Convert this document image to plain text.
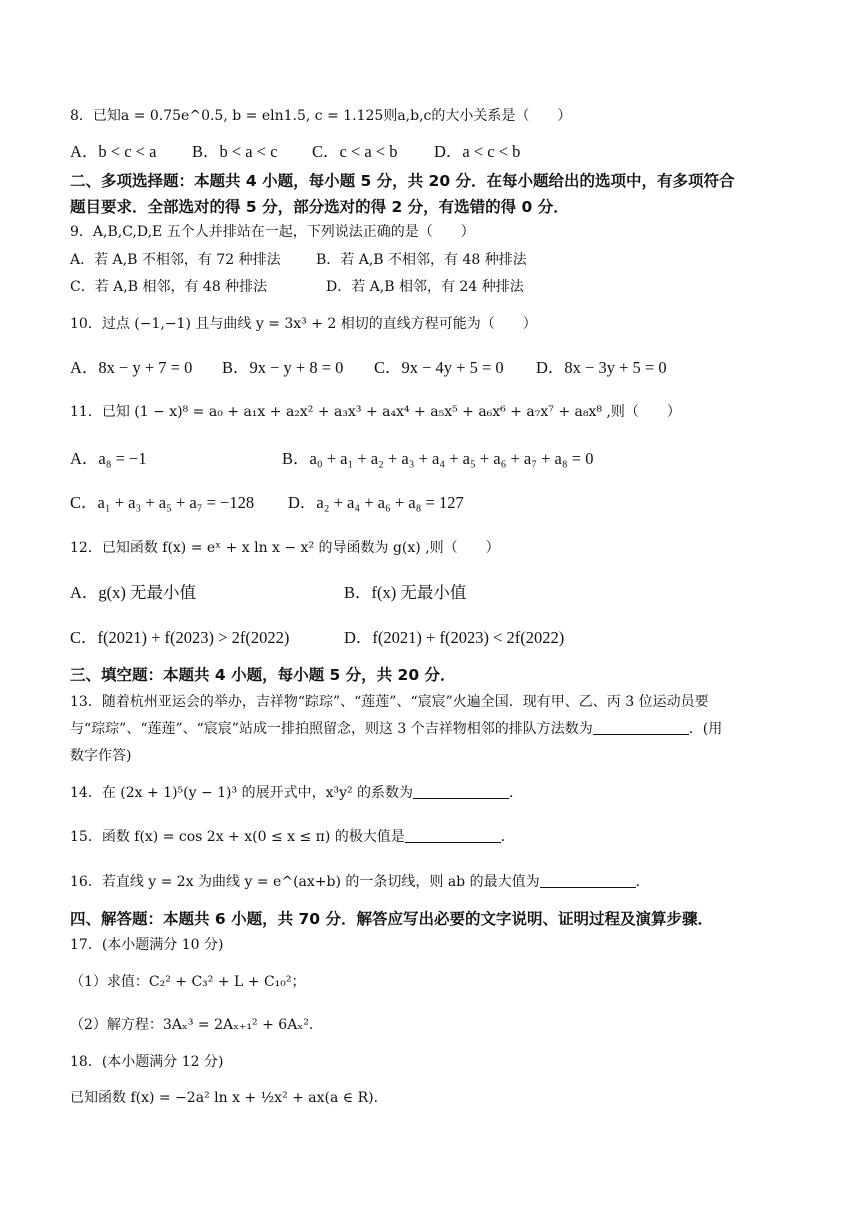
8．已知a = 0.75e^0.5, b = eln1.5, c = 1.125则a,b,c的大小关系是（　　）
A．b < c < a B．b < a < c C．c < a < b D．a < c < b
二、多项选择题：本题共 4 小题，每小题 5 分，共 20 分．在每小题给出的选项中，有多项符合
题目要求．全部选对的得 5 分，部分选对的得 2 分，有选错的得 0 分．
9．A,B,C,D,E 五个人并排站在一起，下列说法正确的是（　　）
A．若 A,B 不相邻，有 72 种排法	B．若 A,B 不相邻，有 48 种排法
C．若 A,B 相邻，有 48 种排法	D．若 A,B 相邻，有 24 种排法
10．过点 (−1,−1) 且与曲线 y = 3x³ + 2 相切的直线方程可能为（　　）
A．8x − y + 7 = 0 B．9x − y + 8 = 0 C．9x − 4y + 5 = 0 D．8x − 3y + 5 = 0
11．已知 (1 − x)⁸ = a₀ + a₁x + a₂x² + a₃x³ + a₄x⁴ + a₅x⁵ + a₆x⁶ + a₇x⁷ + a₈x⁸ ,则（　　）
A．a₈ = −1	B．a₀ + a₁ + a₂ + a₃ + a₄ + a₅ + a₆ + a₇ + a₈ = 0
C．a₁ + a₃ + a₅ + a₇ = −128 D．a₂ + a₄ + a₆ + a₈ = 127
12．已知函数 f(x) = eˣ + x ln x − x² 的导函数为 g(x) ,则（　　）
A．g(x) 无最小值	B．f(x) 无最小值
C．f(2021) + f(2023) > 2f(2022)	D．f(2021) + f(2023) < 2f(2022)
三、填空题：本题共 4 小题，每小题 5 分，共 20 分．
13．随着杭州亚运会的举办，吉祥物“踪琮”、“莲莲”、“宸宸”火遍全国．现有甲、乙、丙 3 位运动员要
与“琮琮”、“莲莲”、“宸宸”站成一排拍照留念，则这 3 个吉祥物相邻的排队方法数为	．(用
数字作答)
14．在 (2x + 1)⁵(y − 1)³ 的展开式中，x³y² 的系数为	．
15．函数 f(x) = cos 2x + x(0 ≤ x ≤ π) 的极大值是	．
16．若直线 y = 2x 为曲线 y = e^(ax+b) 的一条切线，则 ab 的最大值为	．
四、解答题：本题共 6 小题，共 70 分．解答应写出必要的文字说明、证明过程及演算步骤．
17．(本小题满分 10 分)
（1）求值：C₂² + C₃² + L + C₁₀²；
（2）解方程：3Aₓ³ = 2Aₓ₊₁² + 6Aₓ²．
18．(本小题满分 12 分)
已知函数 f(x) = −2a² ln x + ½x² + ax(a ∈ R)．
